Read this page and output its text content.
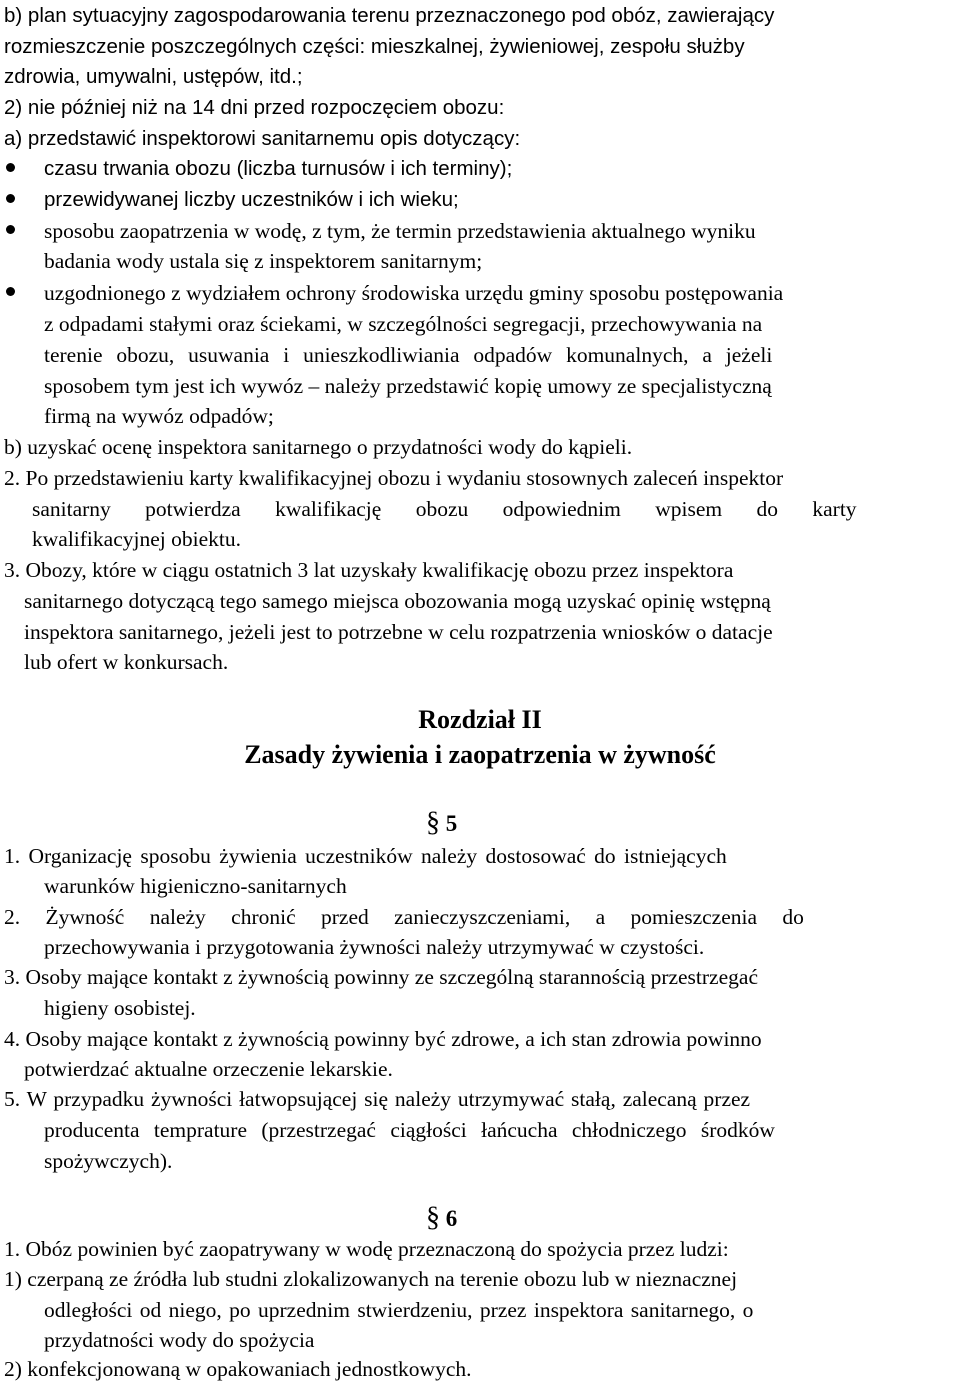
b) plan sytuacyjny zagospodarowania terenu przeznaczonego pod obóz, zawierający
rozmieszczenie poszczególnych części: mieszkalnej, żywieniowej, zespołu służby
zdrowia, umywalni, ustępów, itd.;
2) nie później niż na 14 dni przed rozpoczęciem obozu:
a) przedstawić inspektorowi sanitarnemu opis dotyczący:
czasu trwania obozu (liczba turnusów i ich terminy);
przewidywanej liczby uczestników i ich wieku;
sposobu zaopatrzenia w wodę, z tym, że termin przedstawienia aktualnego wyniku
badania wody ustala się z inspektorem sanitarnym;
uzgodnionego z wydziałem ochrony środowiska urzędu gminy sposobu postępowania
z odpadami stałymi oraz ściekami, w szczególności segregacji, przechowywania na
terenie obozu, usuwania i unieszkodliwiania odpadów komunalnych, a jeżeli
sposobem tym jest ich wywóz – należy przedstawić kopię umowy ze specjalistyczną
firmą na wywóz odpadów;
b) uzyskać ocenę inspektora sanitarnego o przydatności wody do kąpieli.
2. Po przedstawieniu karty kwalifikacyjnej obozu i wydaniu stosownych zaleceń inspektor
sanitarny potwierdza kwalifikację obozu odpowiednim wpisem do karty
kwalifikacyjnej obiektu.
3. Obozy, które w ciągu ostatnich 3 lat uzyskały kwalifikację obozu przez inspektora
sanitarnego dotyczącą tego samego miejsca obozowania mogą uzyskać opinię wstępną
inspektora sanitarnego, jeżeli jest to potrzebne w celu rozpatrzenia wniosków o datacje
lub ofert w konkursach.
Rozdział II
Zasady żywienia i zaopatrzenia w żywność
§ 5
1. Organizację sposobu żywienia uczestników należy dostosować do istniejących
warunków higieniczno-sanitarnych
2. Żywność należy chronić przed zanieczyszczeniami, a pomieszczenia do
przechowywania i przygotowania żywności należy utrzymywać w czystości.
3. Osoby mające kontakt z żywnością powinny ze szczególną starannością przestrzegać
higieny osobistej.
4. Osoby mające kontakt z żywnością powinny być zdrowe, a ich stan zdrowia powinno
potwierdzać aktualne orzeczenie lekarskie.
5. W przypadku żywności łatwopsującej się należy utrzymywać stałą, zalecaną przez
producenta temprature (przestrzegać ciągłości łańcucha chłodniczego środków
spożywczych).
§ 6
1. Obóz powinien być zaopatrywany w wodę przeznaczoną do spożycia przez ludzi:
1) czerpaną ze źródła lub studni zlokalizowanych na terenie obozu lub w nieznacznej
odległości od niego, po uprzednim stwierdzeniu, przez inspektora sanitarnego, o
przydatności wody do spożycia
2) konfekcjonowaną w opakowaniach jednostkowych.
